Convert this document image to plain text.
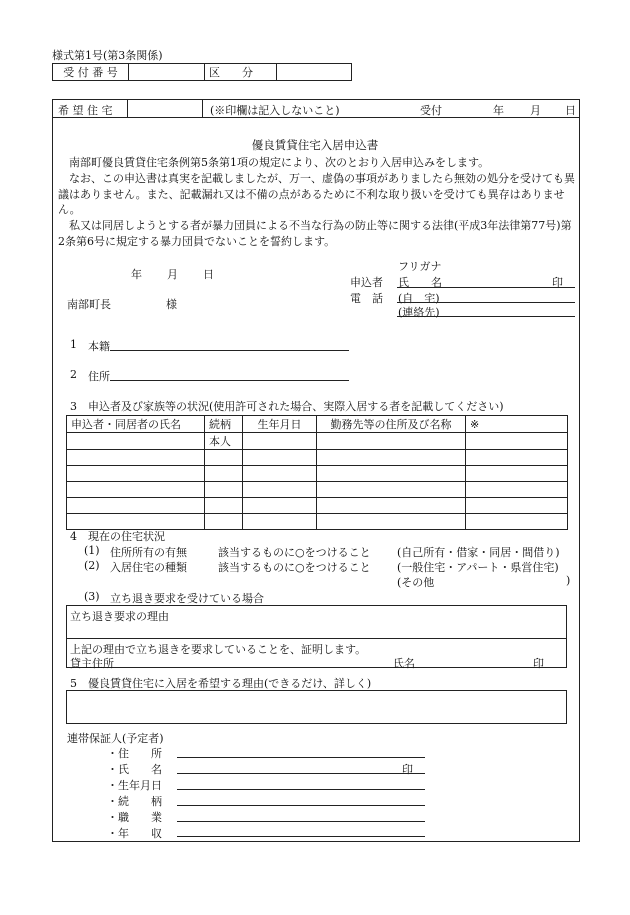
様式第1号(第3条関係)
受 付 番 号		区　　分	
希 望 住 宅	(※印欄は記入しないこと)	受付	年 月 日
優良賃貸住宅入居申込書
　南部町優良賃貸住宅条例第5条第1項の規定により、次のとおり入居申込みをします。
　なお、この申込書は真実を記載しましたが、万一、虚偽の事項がありましたら無効の処分を受けても異議はありません。また、記載漏れ又は不備の点があるために不利な取り扱いを受けても異存はありません。
　私又は同居しようとする者が暴力団員による不当な行為の防止等に関する法律(平成3年法律第77号)第2条第6号に規定する暴力団員でないことを誓約します。
年 月 日
南部町長	様
フリガナ
申込者 氏　　名	印
電　話 (自　宅)
(連絡先)
1 本籍
2 住所
3　申込者及び家族等の状況(使用許可された場合、実際入居する者を記載してください)
申込者・同居者の氏名	続柄	生年月日	勤務先等の住所及び名称	※
	本人			

4　現在の住宅状況
(1) 住所所有の有無	該当するものに○をつけること (自己所有・借家・同居・間借り)
(2) 入居住宅の種類	該当するものに○をつけること (一般住宅・アパート・県営住宅)
(その他	)
(3) 立ち退き要求を受けている場合
立ち退き要求の理由
上記の理由で立ち退きを要求していることを、証明します。
貸主住所	氏名	印
5　優良賃貸住宅に入居を希望する理由(できるだけ、詳しく)
連帯保証人(予定者)
・住　　所
・氏　　名	印
・生年月日
・続　　柄
・職　　業
・年　　収
